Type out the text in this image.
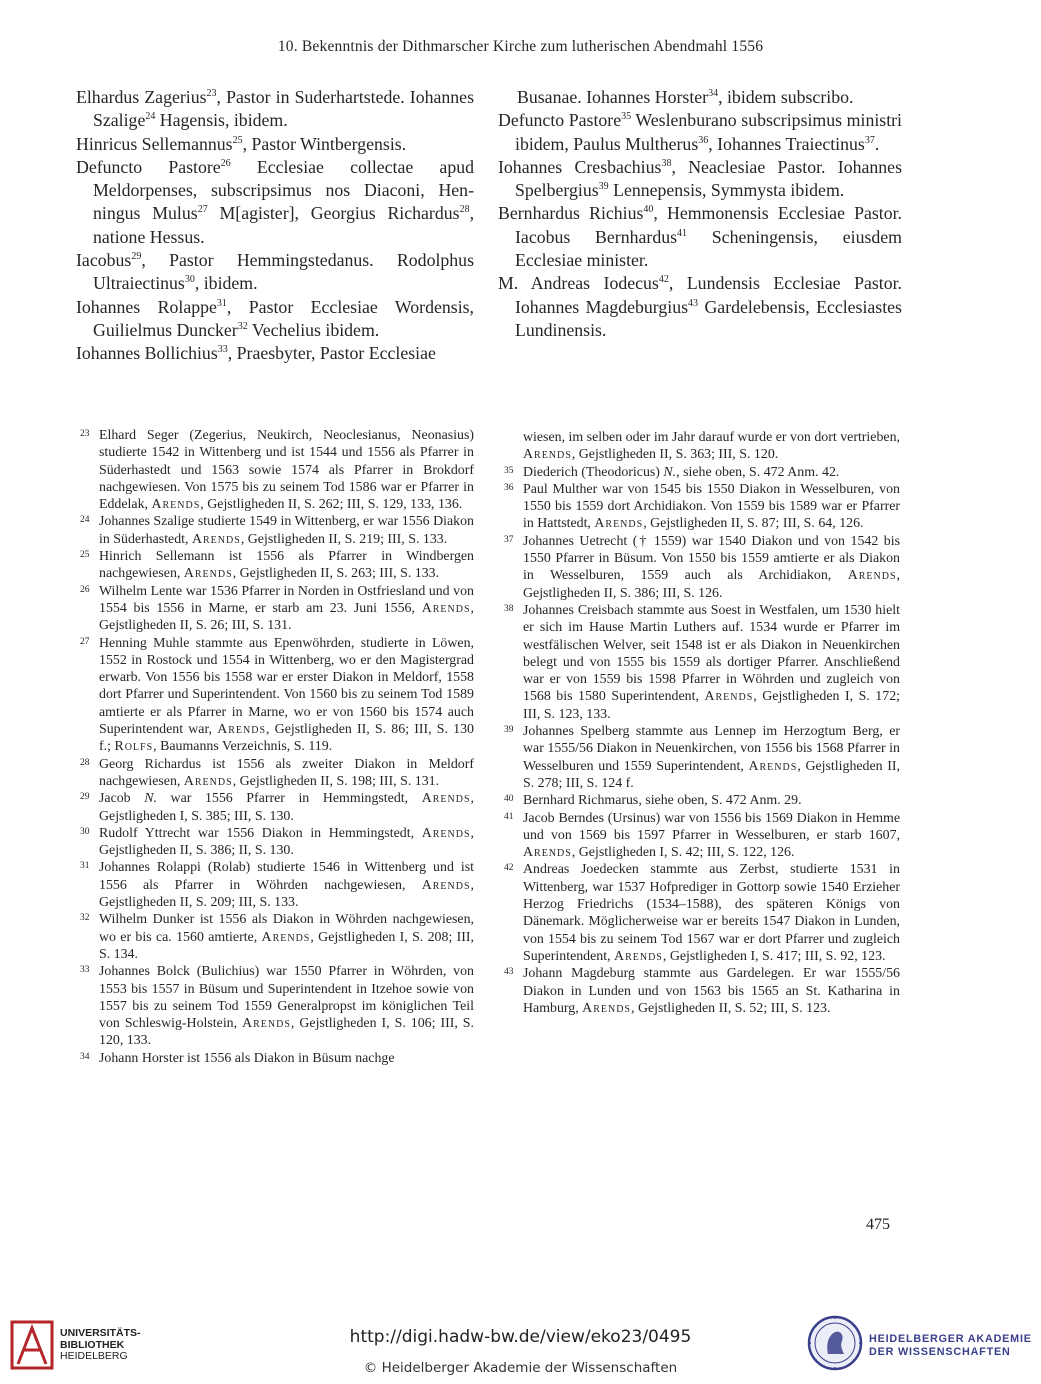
10. Bekenntnis der Dithmarscher Kirche zum lutherischen Abendmahl 1556

Elhardus Zagerius$^{23}$, Pastor in Suderhartstede. Iohannes Szalige$^{24}$ Hagensis, ibidem.

Hinricus Sellemannus$^{25}$, Pastor Wintbergensis.

Defuncto Pastore$^{26}$ Ecclesiae collectae apud Meldorpenses, subscripsimus nos Diaconi, Henningus Mulus$^{27}$ M[agister], Georgius Richardus$^{28}$, natione Hessus.

Iacobus$^{29}$, Pastor Hemmingstedanus. Rodolphus Ultraiectinus$^{30}$, ibidem.

Iohannes Rolappe$^{31}$, Pastor Ecclesiae Wordensis, Guilielmus Duncker$^{32}$ Vechelius ibidem.

Iohannes Bollichius$^{33}$, Praesbyter, Pastor Ecclesiae

Busanae. Iohannes Horster$^{34}$, ibidem subscribo.

Defuncto Pastore$^{35}$ Weslenburano subscripsimus ministri ibidem, Paulus Multherus$^{36}$, Iohannes Traiectinus$^{37}$.

Iohannes Cresbachius$^{38}$, Neaclesiae Pastor. Iohannes Spelbergius$^{39}$ Lennepensis, Symmysta ibidem.

Bernhardus Richius$^{40}$, Hemmonensis Ecclesiae Pastor. Iacobus Bernhardus$^{41}$ Scheningensis, eiusdem Ecclesiae minister.

M. Andreas Iodecus$^{42}$, Lundensis Ecclesiae Pastor. Iohannes Magdeburgius$^{43}$ Gardelebensis, Ecclesiastes Lundinensis.

23 Elhard Seger (Zegerius, Neukirch, Neoclesianus, Neonasius) studierte 1542 in Wittenberg und ist 1544 und 1556 als Pfarrer in Süderhastedt und 1563 sowie 1574 als Pfarrer in Brokdorf nachgewiesen. Von 1575 bis zu seinem Tod 1586 war er Pfarrer in Eddelak, Arends, Gejstligheden II, S. 262; III, S. 129, 133, 136.

24 Johannes Szalige studierte 1549 in Wittenberg, er war 1556 Diakon in Süderhastedt, Arends, Gejstligheden II, S. 219; III, S. 133.

25 Hinrich Sellemann ist 1556 als Pfarrer in Windbergen nachgewiesen, Arends, Gejstligheden II, S. 263; III, S. 133.

26 Wilhelm Lente war 1536 Pfarrer in Norden in Ostfriesland und von 1554 bis 1556 in Marne, er starb am 23. Juni 1556, Arends, Gejstligheden II, S. 26; III, S. 131.

27 Henning Muhle stammte aus Epenwöhrden, studierte in Löwen, 1552 in Rostock und 1554 in Wittenberg, wo er den Magistergrad erwarb. Von 1556 bis 1558 war er erster Diakon in Meldorf, 1558 dort Pfarrer und Superintendent. Von 1560 bis zu seinem Tod 1589 amtierte er als Pfarrer in Marne, wo er von 1560 bis 1574 auch Superintendent war, Arends, Gejstligheden II, S. 86; III, S. 130 f.; Rolfs, Baumanns Verzeichnis, S. 119.

28 Georg Richardus ist 1556 als zweiter Diakon in Meldorf nachgewiesen, Arends, Gejstligheden II, S. 198; III, S. 131.

29 Jacob N. war 1556 Pfarrer in Hemmingstedt, Arends, Gejstligheden I, S. 385; III, S. 130.

30 Rudolf Yttrecht war 1556 Diakon in Hemmingstedt, Arends, Gejstligheden II, S. 386; II, S. 130.

31 Johannes Rolappi (Rolab) studierte 1546 in Wittenberg und ist 1556 als Pfarrer in Wöhrden nachgewiesen, Arends, Gejstligheden II, S. 209; III, S. 133.

32 Wilhelm Dunker ist 1556 als Diakon in Wöhrden nachgewiesen, wo er bis ca. 1560 amtierte, Arends, Gejstligheden I, S. 208; III, S. 134.

33 Johannes Bolck (Bulichius) war 1550 Pfarrer in Wöhrden, von 1553 bis 1557 in Büsum und Superintendent in Itzehoe sowie von 1557 bis zu seinem Tod 1559 Generalpropst im königlichen Teil von Schleswig-Holstein, Arends, Gejstligheden I, S. 106; III, S. 120, 133.

34 Johann Horster ist 1556 als Diakon in Büsum nachge

wiesen, im selben oder im Jahr darauf wurde er von dort vertrieben, Arends, Gejstligheden II, S. 363; III, S. 120.

35 Diederich (Theodoricus) N., siehe oben, S. 472 Anm. 42.

36 Paul Multher war von 1545 bis 1550 Diakon in Wesselburen, von 1550 bis 1559 dort Archidiakon. Von 1559 bis 1589 war er Pfarrer in Hattstedt, Arends, Gejstligheden II, S. 87; III, S. 64, 126.

37 Johannes Uetrecht († 1559) war 1540 Diakon und von 1542 bis 1550 Pfarrer in Büsum. Von 1550 bis 1559 amtierte er als Diakon in Wesselburen, 1559 auch als Archidiakon, Arends, Gejstligheden II, S. 386; III, S. 126.

38 Johannes Creisbach stammte aus Soest in Westfalen, um 1530 hielt er sich im Hause Martin Luthers auf. 1534 wurde er Pfarrer im westfälischen Welver, seit 1548 ist er als Diakon in Neuenkirchen belegt und von 1555 bis 1559 als dortiger Pfarrer. Anschließend war er von 1559 bis 1598 Pfarrer in Wöhrden und zugleich von 1568 bis 1580 Superintendent, Arends, Gejstligheden I, S. 172; III, S. 123, 133.

39 Johannes Spelberg stammte aus Lennep im Herzogtum Berg, er war 1555/56 Diakon in Neuenkirchen, von 1556 bis 1568 Pfarrer in Wesselburen und 1559 Superintendent, Arends, Gejstligheden II, S. 278; III, S. 124 f.

40 Bernhard Richmarus, siehe oben, S. 472 Anm. 29.

41 Jacob Berndes (Ursinus) war von 1556 bis 1569 Diakon in Hemme und von 1569 bis 1597 Pfarrer in Wesselburen, er starb 1607, Arends, Gejstligheden I, S. 42; III, S. 122, 126.

42 Andreas Joedecken stammte aus Zerbst, studierte 1531 in Wittenberg, war 1537 Hofprediger in Gottorp sowie 1540 Erzieher Herzog Friedrichs (1534–1588), des späteren Königs von Dänemark. Möglicherweise war er bereits 1547 Diakon in Lunden, von 1554 bis zu seinem Tod 1567 war er dort Pfarrer und zugleich Superintendent, Arends, Gejstligheden I, S. 417; III, S. 92, 123.

43 Johann Magdeburg stammte aus Gardelegen. Er war 1555/56 Diakon in Lunden und von 1563 bis 1565 an St. Katharina in Hamburg, Arends, Gejstligheden II, S. 52; III, S. 123.

475
UNIVERSITÄTS-
BIBLIOTHEK
HEIDELBERG
http://digi.hadw-bw.de/view/eko23/0495
© Heidelberger Akademie der Wissenschaften
HEIDELBERGER AKADEMIE
DER WISSENSCHAFTEN
